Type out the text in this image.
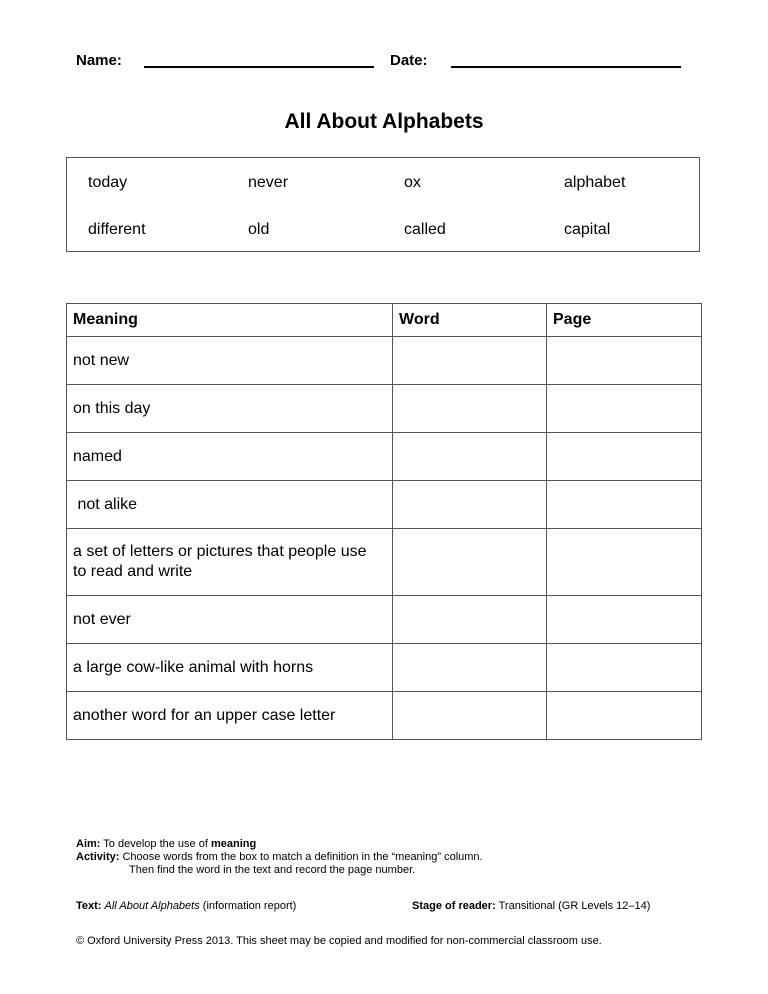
Name:	Date:
All About Alphabets
today	never	ox	alphabet
different	old	called	capital
Meaning	Word	Page
not new		
on this day		
named		
not alike		
a set of letters or pictures that people use to read and write		
not ever		
a large cow-like animal with horns		
another word for an upper case letter		
Aim: To develop the use of meaning
Activity: Choose words from the box to match a definition in the “meaning” column.
Then find the word in the text and record the page number.
Text: All About Alphabets (information report)	Stage of reader: Transitional (GR Levels 12–14)
© Oxford University Press 2013. This sheet may be copied and modified for non-commercial classroom use.
